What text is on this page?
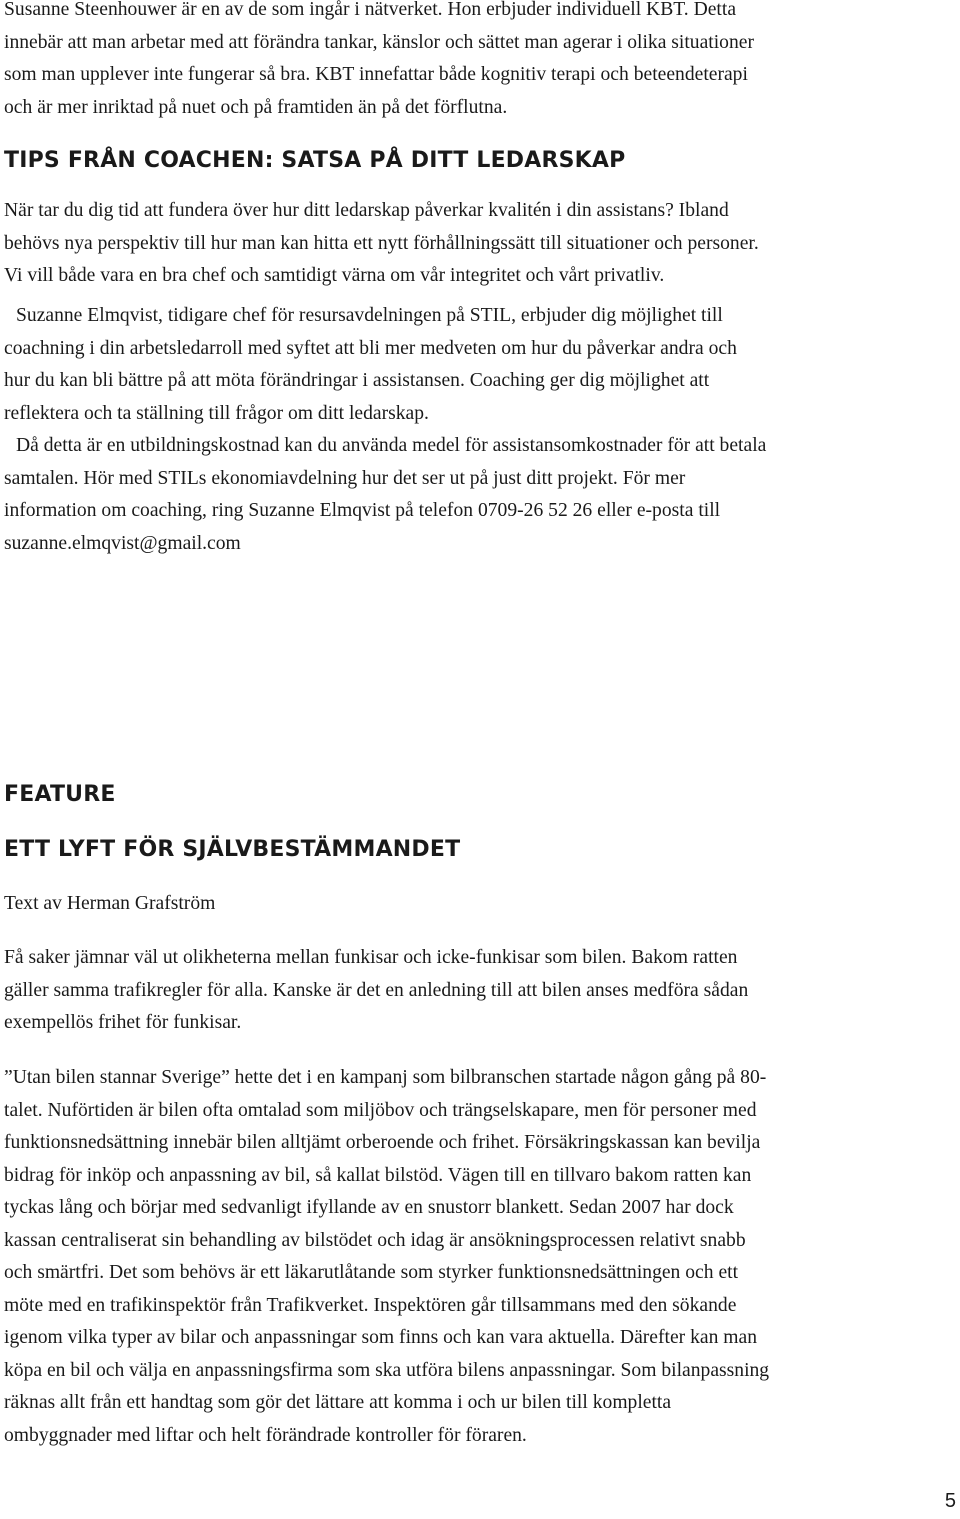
Susanne Steenhouwer är en av de som ingår i nätverket. Hon erbjuder individuell KBT. Detta

innebär att man arbetar med att förändra tankar, känslor och sättet man agerar i olika situationer

som man upplever inte fungerar så bra. KBT innefattar både kognitiv terapi och beteendeterapi

och är mer inriktad på nuet och på framtiden än på det förflutna.

TIPS FRÅN COACHEN: SATSA PÅ DITT LEDARSKAP

När tar du dig tid att fundera över hur ditt ledarskap påverkar kvalitén i din assistans? Ibland

behövs nya perspektiv till hur man kan hitta ett nytt förhållningssätt till situationer och personer.

Vi vill både vara en bra chef och samtidigt värna om vår integritet och vårt privatliv.

Suzanne Elmqvist, tidigare chef för resursavdelningen på STIL, erbjuder dig möjlighet till

coachning i din arbetsledarroll med syftet att bli mer medveten om hur du påverkar andra och

hur du kan bli bättre på att möta förändringar i assistansen. Coaching ger dig möjlighet att

reflektera och ta ställning till frågor om ditt ledarskap.

Då detta är en utbildningskostnad kan du använda medel för assistansomkostnader för att betala

samtalen. Hör med STILs ekonomiavdelning hur det ser ut på just ditt projekt. För mer

information om coaching, ring Suzanne Elmqvist på telefon 0709-26 52 26 eller e-posta till

suzanne.elmqvist@gmail.com

FEATURE
ETT LYFT FÖR SJÄLVBESTÄMMANDET

Text av Herman Grafström

Få saker jämnar väl ut olikheterna mellan funkisar och icke-funkisar som bilen. Bakom ratten

gäller samma trafikregler för alla. Kanske är det en anledning till att bilen anses medföra sådan

exempellös frihet för funkisar.

”Utan bilen stannar Sverige” hette det i en kampanj som bilbranschen startade någon gång på 80-

talet. Nuförtiden är bilen ofta omtalad som miljöbov och trängselskapare, men för personer med

funktionsnedsättning innebär bilen alltjämt orberoende och frihet. Försäkringskassan kan bevilja

bidrag för inköp och anpassning av bil, så kallat bilstöd. Vägen till en tillvaro bakom ratten kan

tyckas lång och börjar med sedvanligt ifyllande av en snustorr blankett. Sedan 2007 har dock

kassan centraliserat sin behandling av bilstödet och idag är ansökningsprocessen relativt snabb

och smärtfri. Det som behövs är ett läkarutlåtande som styrker funktionsnedsättningen och ett

möte med en trafikinspektör från Trafikverket. Inspektören går tillsammans med den sökande

igenom vilka typer av bilar och anpassningar som finns och kan vara aktuella. Därefter kan man

köpa en bil och välja en anpassningsfirma som ska utföra bilens anpassningar. Som bilanpassning

räknas allt från ett handtag som gör det lättare att komma i och ur bilen till kompletta

ombyggnader med liftar och helt förändrade kontroller för föraren.

5
